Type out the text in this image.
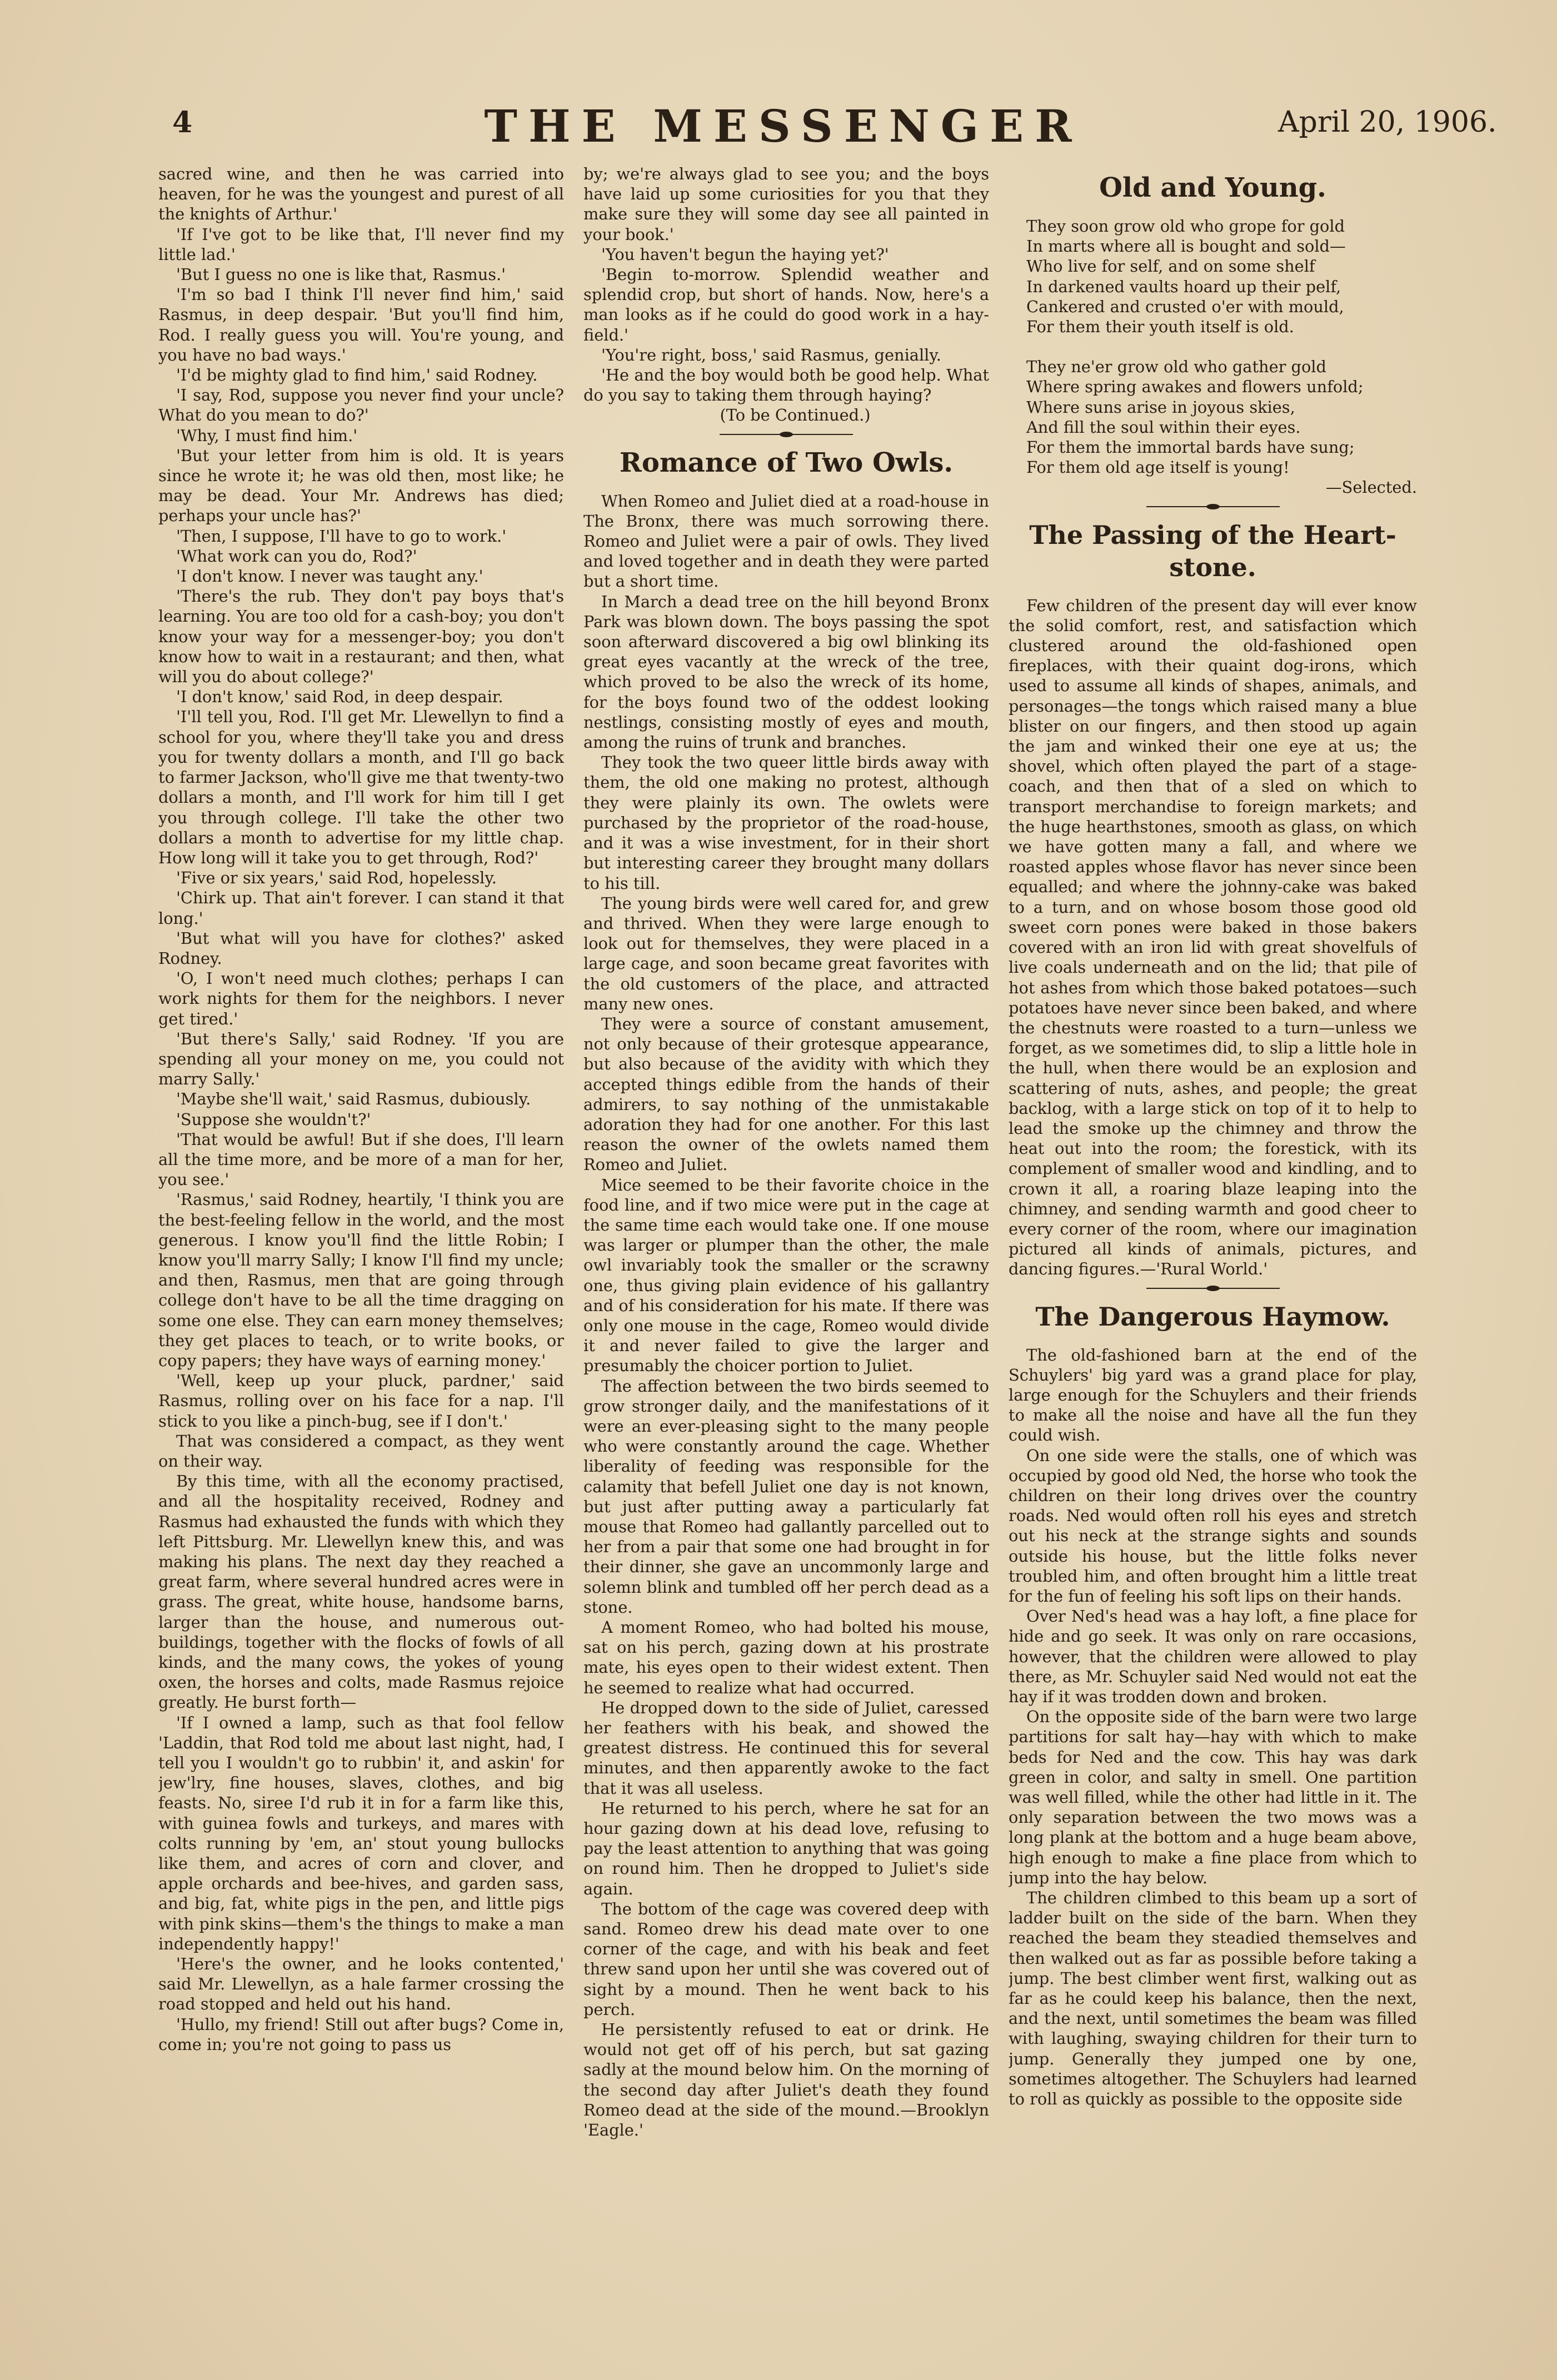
4	THE MESSENGER	April 20, 1906.

sacred wine, and then he was carried into heaven, for he was the youngest and purest of all the knights of Arthur.'

'If I've got to be like that, I'll never find my little lad.'

'But I guess no one is like that, Rasmus.'

'I'm so bad I think I'll never find him,' said Rasmus, in deep despair. 'But you'll find him, Rod. I really guess you will. You're young, and you have no bad ways.'

'I'd be mighty glad to find him,' said Rodney.

'I say, Rod, suppose you never find your uncle? What do you mean to do?'

'Why, I must find him.'

'But your letter from him is old. It is years since he wrote it; he was old then, most like; he may be dead. Your Mr. Andrews has died; perhaps your uncle has?'

'Then, I suppose, I'll have to go to work.'

'What work can you do, Rod?'

'I don't know. I never was taught any.'

'There's the rub. They don't pay boys that's learning. You are too old for a cash-boy; you don't know your way for a messenger-boy; you don't know how to wait in a restaurant; and then, what will you do about college?'

'I don't know,' said Rod, in deep despair.

'I'll tell you, Rod. I'll get Mr. Llewellyn to find a school for you, where they'll take you and dress you for twenty dollars a month, and I'll go back to farmer Jackson, who'll give me that twenty-two dollars a month, and I'll work for him till I get you through college. I'll take the other two dollars a month to advertise for my little chap. How long will it take you to get through, Rod?'

'Five or six years,' said Rod, hopelessly.

'Chirk up. That ain't forever. I can stand it that long.'

'But what will you have for clothes?' asked Rodney.

'O, I won't need much clothes; perhaps I can work nights for them for the neighbors. I never get tired.'

'But there's Sally,' said Rodney. 'If you are spending all your money on me, you could not marry Sally.'

'Maybe she'll wait,' said Rasmus, dubiously.

'Suppose she wouldn't?'

'That would be awful! But if she does, I'll learn all the time more, and be more of a man for her, you see.'

'Rasmus,' said Rodney, heartily, 'I think you are the best-feeling fellow in the world, and the most generous. I know you'll find the little Robin; I know you'll marry Sally; I know I'll find my uncle; and then, Rasmus, men that are going through college don't have to be all the time dragging on some one else. They can earn money themselves; they get places to teach, or to write books, or copy papers; they have ways of earning money.'

'Well, keep up your pluck, pardner,' said Rasmus, rolling over on his face for a nap. I'll stick to you like a pinch-bug, see if I don't.'

That was considered a compact, as they went on their way.

By this time, with all the economy practised, and all the hospitality received, Rodney and Rasmus had exhausted the funds with which they left Pittsburg. Mr. Llewellyn knew this, and was making his plans. The next day they reached a great farm, where several hundred acres were in grass. The great, white house, handsome barns, larger than the house, and numerous out-buildings, together with the flocks of fowls of all kinds, and the many cows, the yokes of young oxen, the horses and colts, made Rasmus rejoice greatly. He burst forth—

'If I owned a lamp, such as that fool fellow 'Laddin, that Rod told me about last night, had, I tell you I wouldn't go to rubbin' it, and askin' for jew'lry, fine houses, slaves, clothes, and big feasts. No, siree I'd rub it in for a farm like this, with guinea fowls and turkeys, and mares with colts running by 'em, an' stout young bullocks like them, and acres of corn and clover, and apple orchards and bee-hives, and garden sass, and big, fat, white pigs in the pen, and little pigs with pink skins—them's the things to make a man independently happy!'

'Here's the owner, and he looks contented,' said Mr. Llewellyn, as a hale farmer crossing the road stopped and held out his hand.

'Hullo, my friend! Still out after bugs? Come in, come in; you're not going to pass us

by; we're always glad to see you; and the boys have laid up some curiosities for you that they make sure they will some day see all painted in your book.'

'You haven't begun the haying yet?'

'Begin to-morrow. Splendid weather and splendid crop, but short of hands. Now, here's a man looks as if he could do good work in a hay-field.'

'You're right, boss,' said Rasmus, genially.

'He and the boy would both be good help. What do you say to taking them through haying?

(To be Continued.)

Romance of Two Owls.

When Romeo and Juliet died at a road-house in The Bronx, there was much sorrowing there. Romeo and Juliet were a pair of owls. They lived and loved together and in death they were parted but a short time.

In March a dead tree on the hill beyond Bronx Park was blown down. The boys passing the spot soon afterward discovered a big owl blinking its great eyes vacantly at the wreck of the tree, which proved to be also the wreck of its home, for the boys found two of the oddest looking nestlings, consisting mostly of eyes and mouth, among the ruins of trunk and branches.

They took the two queer little birds away with them, the old one making no protest, although they were plainly its own. The owlets were purchased by the proprietor of the road-house, and it was a wise investment, for in their short but interesting career they brought many dollars to his till.

The young birds were well cared for, and grew and thrived. When they were large enough to look out for themselves, they were placed in a large cage, and soon became great favorites with the old customers of the place, and attracted many new ones.

They were a source of constant amusement, not only because of their grotesque appearance, but also because of the avidity with which they accepted things edible from the hands of their admirers, to say nothing of the unmistakable adoration they had for one another. For this last reason the owner of the owlets named them Romeo and Juliet.

Mice seemed to be their favorite choice in the food line, and if two mice were put in the cage at the same time each would take one. If one mouse was larger or plumper than the other, the male owl invariably took the smaller or the scrawny one, thus giving plain evidence of his gallantry and of his consideration for his mate. If there was only one mouse in the cage, Romeo would divide it and never failed to give the larger and presumably the choicer portion to Juliet.

The affection between the two birds seemed to grow stronger daily, and the manifestations of it were an ever-pleasing sight to the many people who were constantly around the cage. Whether liberality of feeding was responsible for the calamity that befell Juliet one day is not known, but just after putting away a particularly fat mouse that Romeo had gallantly parcelled out to her from a pair that some one had brought in for their dinner, she gave an uncommonly large and solemn blink and tumbled off her perch dead as a stone.

A moment Romeo, who had bolted his mouse, sat on his perch, gazing down at his prostrate mate, his eyes open to their widest extent. Then he seemed to realize what had occurred.

He dropped down to the side of Juliet, caressed her feathers with his beak, and showed the greatest distress. He continued this for several minutes, and then apparently awoke to the fact that it was all useless.

He returned to his perch, where he sat for an hour gazing down at his dead love, refusing to pay the least attention to anything that was going on round him. Then he dropped to Juliet's side again.

The bottom of the cage was covered deep with sand. Romeo drew his dead mate over to one corner of the cage, and with his beak and feet threw sand upon her until she was covered out of sight by a mound. Then he went back to his perch.

He persistently refused to eat or drink. He would not get off of his perch, but sat gazing sadly at the mound below him. On the morning of the second day after Juliet's death they found Romeo dead at the side of the mound.—Brooklyn 'Eagle.'

Old and Young.

They soon grow old who grope for gold

In marts where all is bought and sold—

Who live for self, and on some shelf

In darkened vaults hoard up their pelf,

Cankered and crusted o'er with mould,

For them their youth itself is old.

They ne'er grow old who gather gold

Where spring awakes and flowers unfold;

Where suns arise in joyous skies,

And fill the soul within their eyes.

For them the immortal bards have sung;

For them old age itself is young!

—Selected.

The Passing of the Heart-stone.

Few children of the present day will ever know the solid comfort, rest, and satisfaction which clustered around the old-fashioned open fireplaces, with their quaint dog-irons, which used to assume all kinds of shapes, animals, and personages—the tongs which raised many a blue blister on our fingers, and then stood up again the jam and winked their one eye at us; the shovel, which often played the part of a stage-coach, and then that of a sled on which to transport merchandise to foreign markets; and the huge hearthstones, smooth as glass, on which we have gotten many a fall, and where we roasted apples whose flavor has never since been equalled; and where the johnny-cake was baked to a turn, and on whose bosom those good old sweet corn pones were baked in those bakers covered with an iron lid with great shovelfuls of live coals underneath and on the lid; that pile of hot ashes from which those baked potatoes—such potatoes have never since been baked, and where the chestnuts were roasted to a turn—unless we forget, as we sometimes did, to slip a little hole in the hull, when there would be an explosion and scattering of nuts, ashes, and people; the great backlog, with a large stick on top of it to help to lead the smoke up the chimney and throw the heat out into the room; the forestick, with its complement of smaller wood and kindling, and to crown it all, a roaring blaze leaping into the chimney, and sending warmth and good cheer to every corner of the room, where our imagination pictured all kinds of animals, pictures, and dancing figures.—'Rural World.'

The Dangerous Haymow.

The old-fashioned barn at the end of the Schuylers' big yard was a grand place for play, large enough for the Schuylers and their friends to make all the noise and have all the fun they could wish.

On one side were the stalls, one of which was occupied by good old Ned, the horse who took the children on their long drives over the country roads. Ned would often roll his eyes and stretch out his neck at the strange sights and sounds outside his house, but the little folks never troubled him, and often brought him a little treat for the fun of feeling his soft lips on their hands.

Over Ned's head was a hay loft, a fine place for hide and go seek. It was only on rare occasions, however, that the children were allowed to play there, as Mr. Schuyler said Ned would not eat the hay if it was trodden down and broken.

On the opposite side of the barn were two large partitions for salt hay—hay with which to make beds for Ned and the cow. This hay was dark green in color, and salty in smell. One partition was well filled, while the other had little in it. The only separation between the two mows was a long plank at the bottom and a huge beam above, high enough to make a fine place from which to jump into the hay below.

The children climbed to this beam up a sort of ladder built on the side of the barn. When they reached the beam they steadied themselves and then walked out as far as possible before taking a jump. The best climber went first, walking out as far as he could keep his balance, then the next, and the next, until sometimes the beam was filled with laughing, swaying children for their turn to jump. Generally they jumped one by one, sometimes altogether. The Schuylers had learned to roll as quickly as possible to the opposite side
